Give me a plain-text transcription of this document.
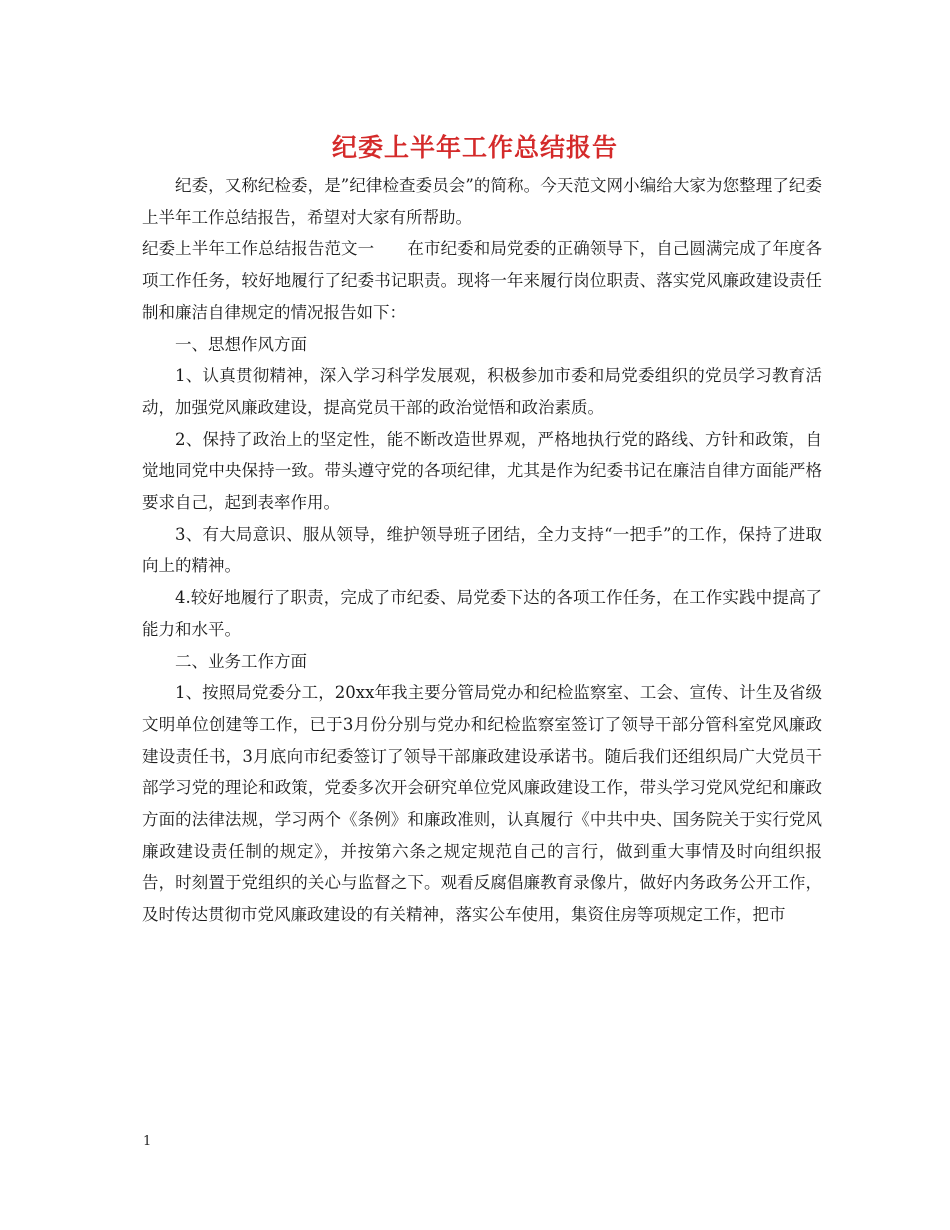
纪委上半年工作总结报告

纪委，又称纪检委，是”纪律检查委员会”的简称。今天范文网小编给大家为您整理了纪委上半年工作总结报告，希望对大家有所帮助。

纪委上半年工作总结报告范文一　　在市纪委和局党委的正确领导下，自己圆满完成了年度各项工作任务，较好地履行了纪委书记职责。现将一年来履行岗位职责、落实党风廉政建设责任制和廉洁自律规定的情况报告如下：

一、思想作风方面

1、认真贯彻精神，深入学习科学发展观，积极参加市委和局党委组织的党员学习教育活动，加强党风廉政建设，提高党员干部的政治觉悟和政治素质。

2、保持了政治上的坚定性，能不断改造世界观，严格地执行党的路线、方针和政策，自觉地同党中央保持一致。带头遵守党的各项纪律，尤其是作为纪委书记在廉洁自律方面能严格要求自己，起到表率作用。

3、有大局意识、服从领导，维护领导班子团结，全力支持“一把手”的工作，保持了进取向上的精神。

4.较好地履行了职责，完成了市纪委、局党委下达的各项工作任务，在工作实践中提高了能力和水平。

二、业务工作方面

1、按照局党委分工，20xx年我主要分管局党办和纪检监察室、工会、宣传、计生及省级文明单位创建等工作，已于3月份分别与党办和纪检监察室签订了领导干部分管科室党风廉政建设责任书，3月底向市纪委签订了领导干部廉政建设承诺书。随后我们还组织局广大党员干部学习党的理论和政策，党委多次开会研究单位党风廉政建设工作，带头学习党风党纪和廉政方面的法律法规，学习两个《条例》和廉政准则，认真履行《中共中央、国务院关于实行党风廉政建设责任制的规定》，并按第六条之规定规范自己的言行，做到重大事情及时向组织报告，时刻置于党组织的关心与监督之下。观看反腐倡廉教育录像片，做好内务政务公开工作，及时传达贯彻市党风廉政建设的有关精神，落实公车使用，集资住房等项规定工作，把市

1
